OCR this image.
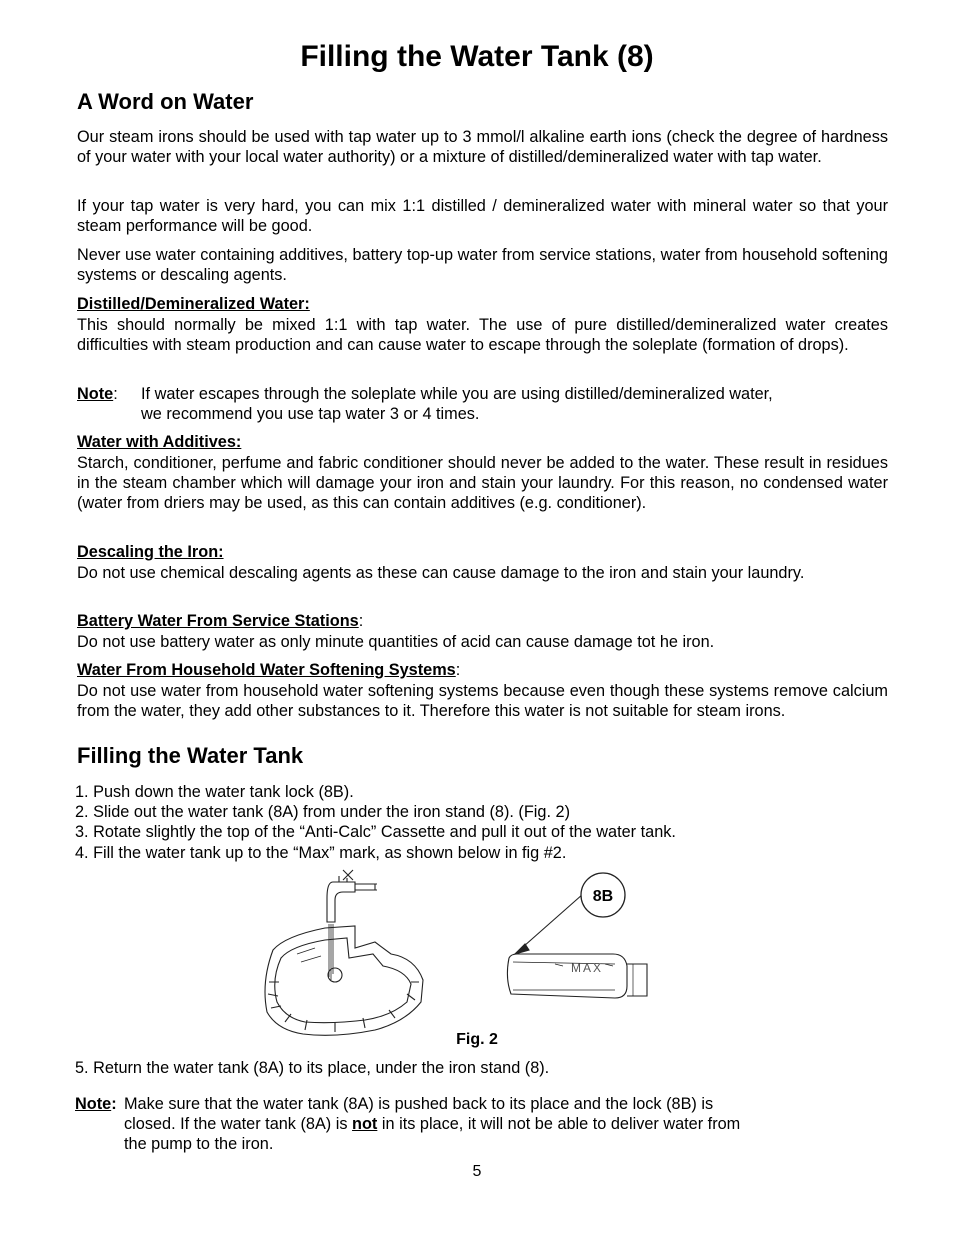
Filling the Water Tank (8)
A Word on Water
Our steam irons should be used with tap water up to 3 mmol/l alkaline earth ions (check the degree of hardness of your water with your local water authority) or a mixture of distilled/demineralized water with tap water.
If your tap water is very hard, you can mix 1:1 distilled / demineralized water with mineral water so that your steam performance will be good.
Never use water containing additives, battery top-up water from service stations, water from household softening systems or descaling agents.
Distilled/Demineralized Water:
This should normally be mixed 1:1 with tap water. The use of pure distilled/demineralized water creates difficulties with steam production and can cause water to escape through the soleplate (formation of drops).
Note:	If water escapes through the soleplate while you are using distilled/demineralized water,
we recommend you use tap water 3 or 4 times.
Water with Additives:
Starch, conditioner, perfume and fabric conditioner should never be added to the water. These result in residues in the steam chamber which will damage your iron and stain your laundry. For this reason, no condensed water (water from driers may be used, as this can contain additives (e.g. conditioner).
Descaling the Iron:
Do not use chemical descaling agents as these can cause damage to the iron and stain your laundry.
Battery Water From Service Stations:
Do not use battery water as only minute quantities of acid can cause damage tot he iron.
Water From Household Water Softening Systems:
Do not use water from household water softening systems because even though these systems remove calcium from the water, they add other substances to it. Therefore this water is not suitable for steam irons.
Filling the Water Tank
1. Push down the water tank lock (8B).
2. Slide out the water tank (8A) from under the iron stand (8). (Fig. 2)
3. Rotate slightly the top of the “Anti-Calc” Cassette and pull it out of the water tank.
4. Fill the water tank up to the “Max” mark, as shown below in fig #2.
8B
MAX
Fig. 2
5. Return the water tank (8A) to its place, under the iron stand (8).
Note: Make sure that the water tank (8A) is pushed back to its place and the lock (8B) is
closed. If the water tank (8A) is not in its place, it will not be able to deliver water from
the pump to the iron.
5
